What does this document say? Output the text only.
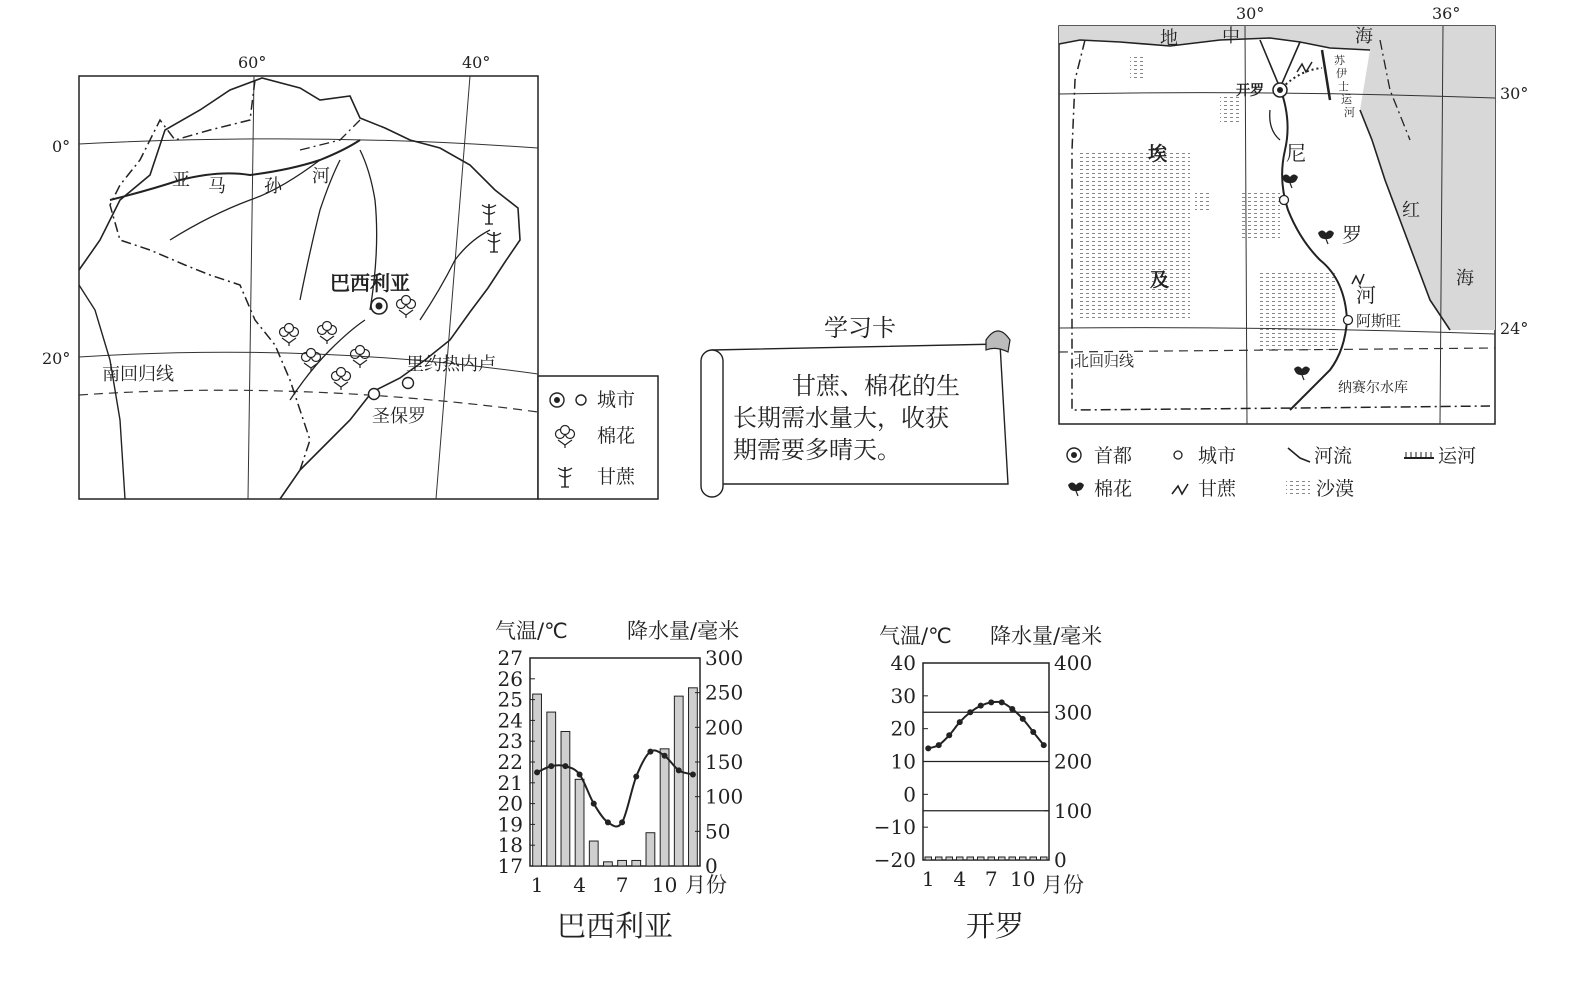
60°	40°
0°
20°
亚 马 孙 河
巴西利亚
里约热内卢
圣保罗
南回归线
城市
棉花
甘蔗
学习卡
甘蔗、棉花的生
长期需水量大，收获
期需要多晴天。
30°	36°
30°
24°
地 中	海
开罗
苏
伊
士
运
河
埃
及
尼
罗
河
红
海
阿斯旺
北回归线
纳赛尔水库
首都	城市	河流	运河
棉花	甘蔗	沙漠
气温/℃	降水量/毫米
月份
巴西利亚
17
18
19
20
21
22
23
24
25
26
27
0
50
100
150
200
250
300
1 4 7 10
气温/℃ 降水量/毫米
月份
开罗
−20
−10
0
10
20
30
40
0
100
200
300
400
1 4 7 10
